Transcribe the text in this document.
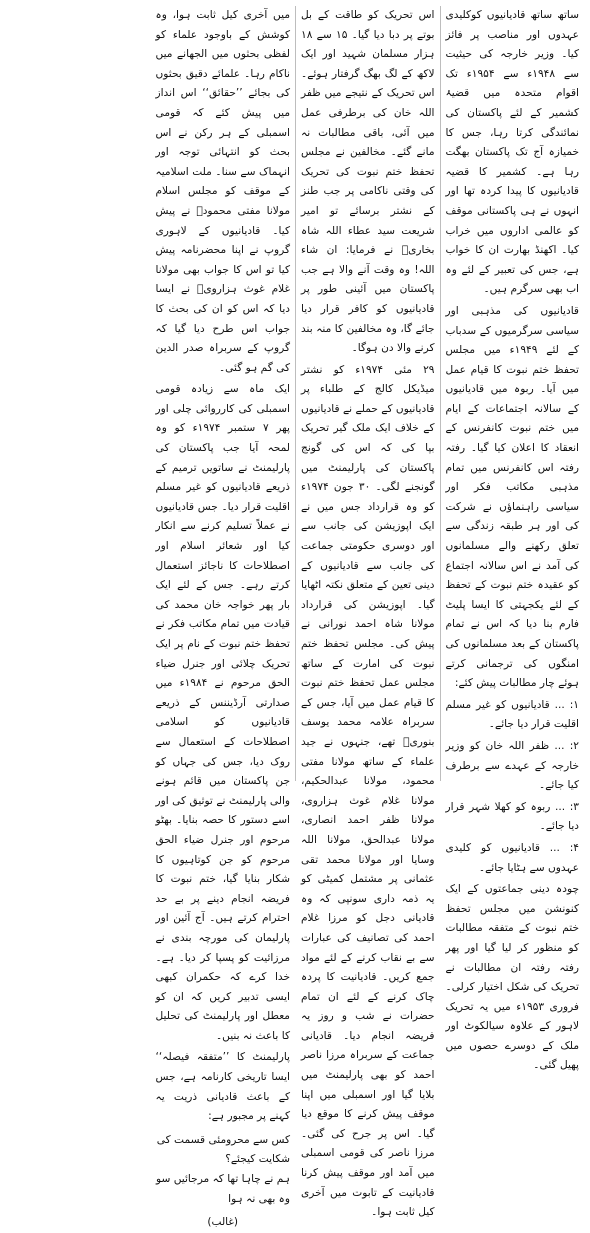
ساتھ ساتھ قادیانیوں کوکلیدی عہدوں اور مناصب پر فائز کیا۔ وزیر خارجہ کی حیثیت سے ۱۹۴۸ء سے ۱۹۵۴ء تک اقوام متحدہ میں قضیۂ کشمیر کے لئے پاکستان کی نمائندگی کرتا رہا، جس کا خمیازہ آج تک پاکستان بھگت رہا ہے۔ کشمیر کا قضیہ قادیانیوں کا پیدا کردہ تھا اور انہوں نے ہی پاکستانی موقف کو عالمی اداروں میں خراب کیا۔ اکھنڈ بھارت ان کا خواب ہے، جس کی تعبیر کے لئے وہ اب بھی سرگرم ہیں۔

قادیانیوں کی مذہبی اور سیاسی سرگرمیوں کے سدباب کے لئے ۱۹۴۹ء میں مجلس تحفظ ختم نبوت کا قیام عمل میں آیا۔ ربوہ میں قادیانیوں کے سالانہ اجتماعات کے ایام میں ختم نبوت کانفرنس کے انعقاد کا اعلان کیا گیا۔ رفتہ رفتہ اس کانفرنس میں تمام مذہبی مکاتب فکر اور سیاسی راہنماؤں نے شرکت کی اور ہر طبقہ زندگی سے تعلق رکھنے والے مسلمانوں کی آمد نے اس سالانہ اجتماع کو عقیدہ ختم نبوت کے تحفظ کے لئے یکجہتی کا ایسا پلیٹ فارم بنا دیا کہ اس نے تمام پاکستان کے بعد مسلمانوں کی امنگوں کی ترجمانی کرتے ہوئے چار مطالبات پیش کئے:

۱: ... قادیانیوں کو غیر مسلم اقلیت قرار دیا جائے۔

۲: ... ظفر اللہ خان کو وزیر خارجہ کے عہدے سے برطرف کیا جائے۔

۳: ... ربوہ کو کھلا شہر قرار دیا جائے۔

۴: ... قادیانیوں کو کلیدی عہدوں سے ہٹایا جائے۔

چودہ دینی جماعتوں کے ایک کنونشن میں مجلس تحفظ ختم نبوت کے متفقہ مطالبات کو منظور کر لیا گیا اور پھر رفتہ رفتہ ان مطالبات نے تحریک کی شکل اختیار کرلی۔ فروری ۱۹۵۳ء میں یہ تحریک لاہور کے علاوہ سیالکوٹ اور ملک کے دوسرے حصوں میں پھیل گئی۔

اس تحریک کو طاقت کے بل بوتے پر دبا دیا گیا۔ ۱۵ سے ۱۸ ہزار مسلمان شہید اور ایک لاکھ کے لگ بھگ گرفتار ہوئے۔ اس تحریک کے نتیجے میں ظفر اللہ خان کی برطرفی عمل میں آئی، باقی مطالبات نہ مانے گئے۔ مخالفین نے مجلس تحفظ ختم نبوت کی تحریک کی وقتی ناکامی پر جب طنز کے نشتر برسائے تو امیر شریعت سید عطاء اللہ شاہ بخاریؒ نے فرمایا: ان شاء اللہ! وہ وقت آنے والا ہے جب پاکستان میں آئینی طور پر قادیانیوں کو کافر قرار دیا جائے گا، وہ مخالفین کا منہ بند کرنے والا دن ہوگا۔

۲۹ مئی ۱۹۷۴ء کو نشتر میڈیکل کالج کے طلباء پر قادیانیوں کے حملے نے قادیانیوں کے خلاف ایک ملک گیر تحریک بپا کی کہ اس کی گونج پاکستان کی پارلیمنٹ میں گونجنے لگی۔ ۳۰ جون ۱۹۷۴ء کو وہ قرارداد جس میں نے ایک اپوزیشن کی جانب سے اور دوسری حکومتی جماعت کی جانب سے قادیانیوں کے دینی تعین کے متعلق نکتہ اٹھایا گیا۔ اپوزیشن کی قرارداد مولانا شاہ احمد نورانی نے پیش کی۔ مجلس تحفظ ختم نبوت کی امارت کے ساتھ مجلس عمل تحفظ ختم نبوت کا قیام عمل میں آیا، جس کے سربراہ علامہ محمد یوسف بنوریؒ تھے، جنہوں نے جید علماء کے ساتھ مولانا مفتی محمود، مولانا عبدالحکیم، مولانا غلام غوث ہزاروی، مولانا ظفر احمد انصاری، مولانا عبدالحق، مولانا اللہ وسایا اور مولانا محمد تقی عثمانی پر مشتمل کمیٹی کو یہ ذمہ داری سونپی کہ وہ قادیانی دجل کو مرزا غلام احمد کی تصانیف کی عبارات سے بے نقاب کرنے کے لئے مواد جمع کریں۔ قادیانیت کا پردہ چاک کرنے کے لئے ان تمام حضرات نے شب و روز یہ فریضہ انجام دیا۔ قادیانی جماعت کے سربراہ مرزا ناصر احمد کو بھی پارلیمنٹ میں بلایا گیا اور اسمبلی میں اپنا موقف پیش کرنے کا موقع دیا گیا۔ اس پر جرح کی گئی۔ مرزا ناصر کی قومی اسمبلی میں آمد اور موقف پیش کرنا قادیانیت کے تابوت میں آخری کیل ثابت ہوا۔

میں آخری کیل ثابت ہوا، وہ کوشش کے باوجود علماء کو لفظی بحثوں میں الجھانے میں ناکام رہا۔ علمائے دقیق بحثوں کی بجائے ’’حقائق‘‘ اس انداز میں پیش کئے کہ قومی اسمبلی کے ہر رکن نے اس بحث کو انتہائی توجہ اور انہماک سے سنا۔ ملت اسلامیہ کے موقف کو مجلس اسلام مولانا مفتی محمودؒ نے پیش کیا۔ قادیانیوں کے لاہوری گروپ نے اپنا محضرنامہ پیش کیا تو اس کا جواب بھی مولانا غلام غوث ہزارویؒ نے ایسا دیا کہ اس کو ان کی بحث کا جواب اس طرح دیا گیا کہ گروپ کے سربراہ صدر الدین کی گم ہو گئی۔

ایک ماہ سے زیادہ قومی اسمبلی کی کارروائی چلی اور پھر ۷ ستمبر ۱۹۷۴ء کو وہ لمحہ آیا جب پاکستان کی پارلیمنٹ نے ساتویں ترمیم کے ذریعے قادیانیوں کو غیر مسلم اقلیت قرار دیا۔ جس قادیانیوں نے عملاً تسلیم کرنے سے انکار کیا اور شعائر اسلام اور اصطلاحات کا ناجائز استعمال کرتے رہے۔ جس کے لئے ایک بار پھر خواجہ خان محمد کی قیادت میں تمام مکاتب فکر نے تحفظ ختم نبوت کے نام پر ایک تحریک چلائی اور جنرل ضیاء الحق مرحوم نے ۱۹۸۴ء میں صدارتی آرڈیننس کے ذریعے قادیانیوں کو اسلامی اصطلاحات کے استعمال سے روک دیا، جس کی جہاں کو جن پاکستان میں قائم ہونے والی پارلیمنٹ نے توثیق کی اور اسے دستور کا حصہ بنایا۔ بھٹو مرحوم اور جنرل ضیاء الحق مرحوم کو جن کوتاہیوں کا شکار بنایا گیا، ختم نبوت کا فریضہ انجام دینے پر بے حد احترام کرتے ہیں۔ آج آئین اور پارلیمان کی مورچہ بندی نے مرزائیت کو پسپا کر دیا۔ ہے۔ خدا کرے کہ حکمران کبھی ایسی تدبیر کریں کہ ان کو معطل اور پارلیمنٹ کی تحلیل کا باعث نہ بنیں۔

پارلیمنٹ کا ’’متفقہ فیصلہ‘‘ ایسا تاریخی کارنامہ ہے، جس کے باعث قادیانی ذریت یہ کہنے پر مجبور ہے:

کس سے محرومئی قسمت کی شکایت کیجئے؟
ہم نے چاہا تھا کہ مرجائیں سو وہ بھی نہ ہوا
(غالب)
